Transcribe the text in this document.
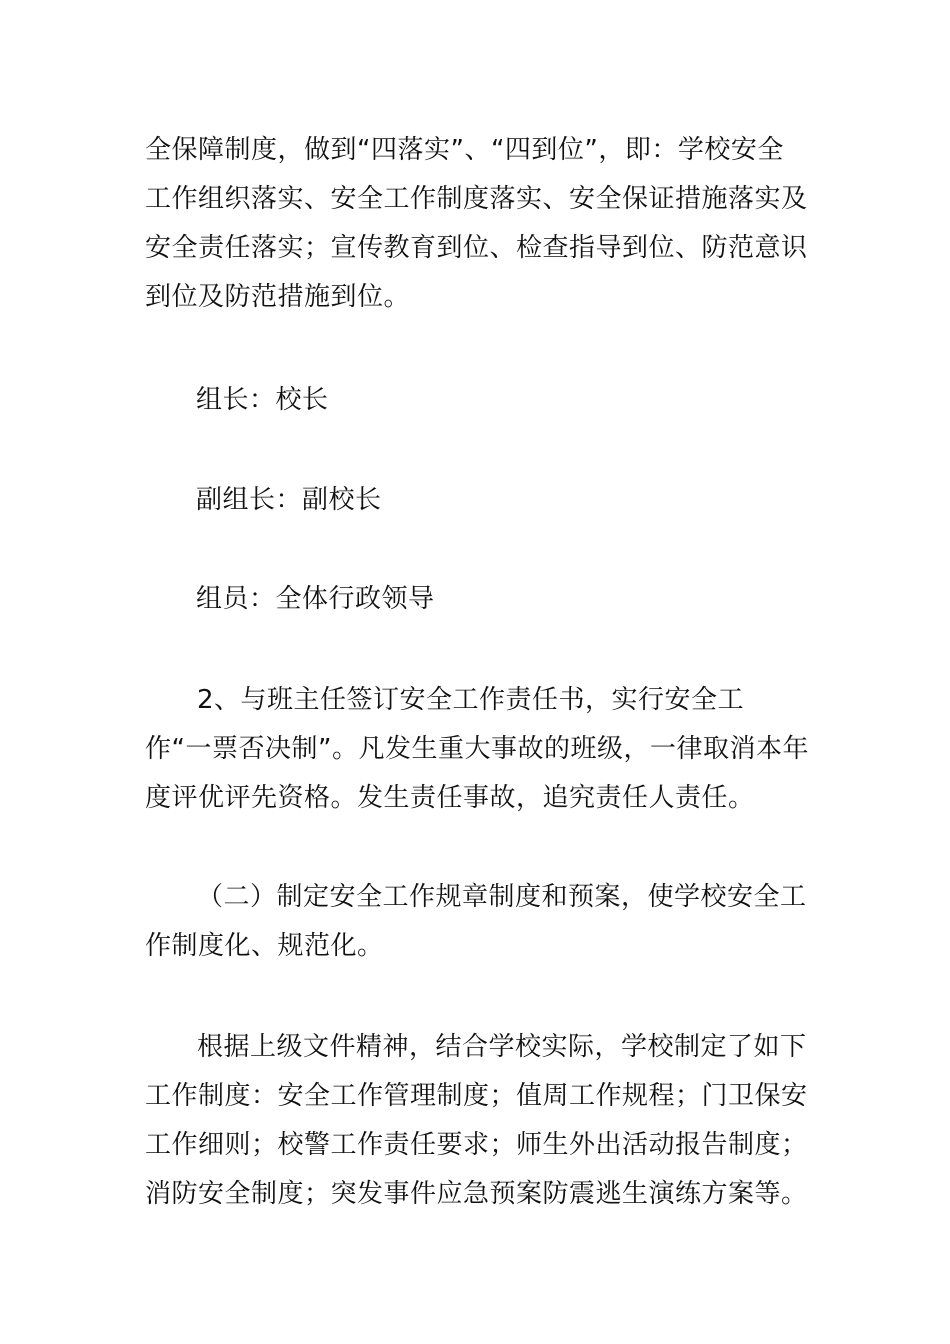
全保障制度，做到“四落实”、“四到位”，即：学校安全工作组织落实、安全工作制度落实、安全保证措施落实及安全责任落实；宣传教育到位、检查指导到位、防范意识到位及防范措施到位。

组长：校长

副组长：副校长

组员：全体行政领导

2、与班主任签订安全工作责任书，实行安全工作“一票否决制”。凡发生重大事故的班级，一律取消本年度评优评先资格。发生责任事故，追究责任人责任。

（二）制定安全工作规章制度和预案，使学校安全工作制度化、规范化。

根据上级文件精神，结合学校实际，学校制定了如下工作制度：安全工作管理制度；值周工作规程；门卫保安工作细则；校警工作责任要求；师生外出活动报告制度；消防安全制度；突发事件应急预案防震逃生演练方案等。
